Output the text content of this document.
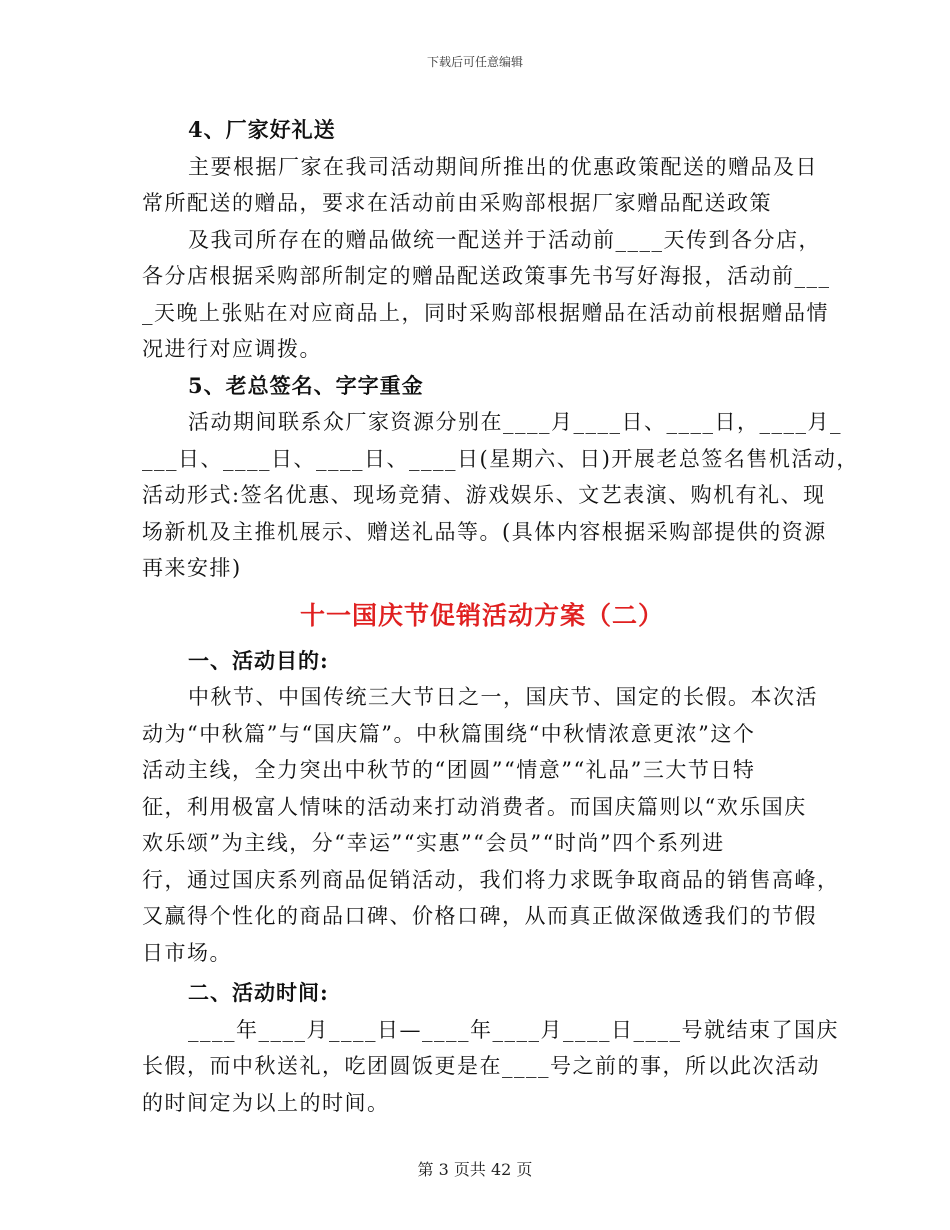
下载后可任意编辑
4、厂家好礼送
主要根据厂家在我司活动期间所推出的优惠政策配送的赠品及日
常所配送的赠品，要求在活动前由采购部根据厂家赠品配送政策
及我司所存在的赠品做统一配送并于活动前____天传到各分店，
各分店根据采购部所制定的赠品配送政策事先书写好海报，活动前___
_天晚上张贴在对应商品上，同时采购部根据赠品在活动前根据赠品情
况进行对应调拨。
5、老总签名、字字重金
活动期间联系众厂家资源分别在____月____日、____日，____月_
___日、____日、____日、____日(星期六、日)开展老总签名售机活动，
活动形式:签名优惠、现场竞猜、游戏娱乐、文艺表演、购机有礼、现
场新机及主推机展示、赠送礼品等。(具体内容根据采购部提供的资源
再来安排)
十一国庆节促销活动方案（二）
一、活动目的:
中秋节、中国传统三大节日之一，国庆节、国定的长假。本次活
动为“中秋篇”与“国庆篇”。中秋篇围绕“中秋情浓意更浓”这个
活动主线，全力突出中秋节的“团圆”“情意”“礼品”三大节日特
征，利用极富人情味的活动来打动消费者。而国庆篇则以“欢乐国庆
欢乐颂”为主线，分“幸运”“实惠”“会员”“时尚”四个系列进
行，通过国庆系列商品促销活动，我们将力求既争取商品的销售高峰，
又赢得个性化的商品口碑、价格口碑，从而真正做深做透我们的节假
日市场。
二、活动时间:
____年____月____日—____年____月____日____号就结束了国庆
长假，而中秋送礼，吃团圆饭更是在____号之前的事，所以此次活动
的时间定为以上的时间。
第 3 页共 42 页
